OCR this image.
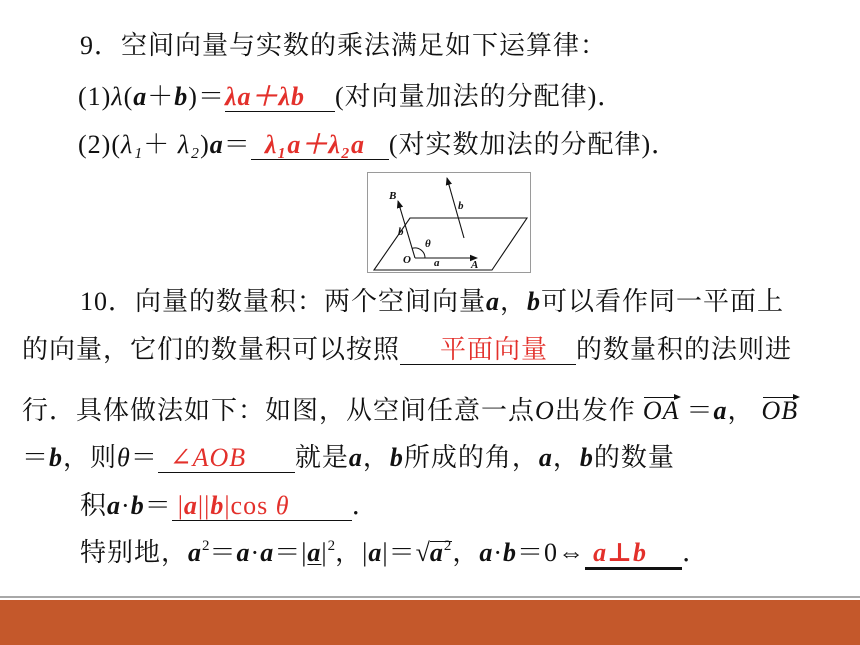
9．空间向量与实数的乘法满足如下运算律：
(1)λ(a＋b)＝λa＋λb (对向量加法的分配律)．
(2)(λ₁＋ λ₂)a＝ λ₁a＋λ₂a (对实数加法的分配律)．
B
b
b
θ
O a	A
10．向量的数量积：两个空间向量a，b可以看作同一平面上
的向量，它们的数量积可以按照 平面向量 的数量积的法则进
行．具体做法如下：如图，从空间任意一点O出发作 OA ＝a， OB
＝b，则θ＝ ∠AOB 就是a，b所成的角，a，b的数量
积a·b＝ |a||b|cos θ ．
特别地，$a^2=a\cdot a=|a|^2$，$|a|=√a^2$，a·b＝0⇔ a⊥b ．
